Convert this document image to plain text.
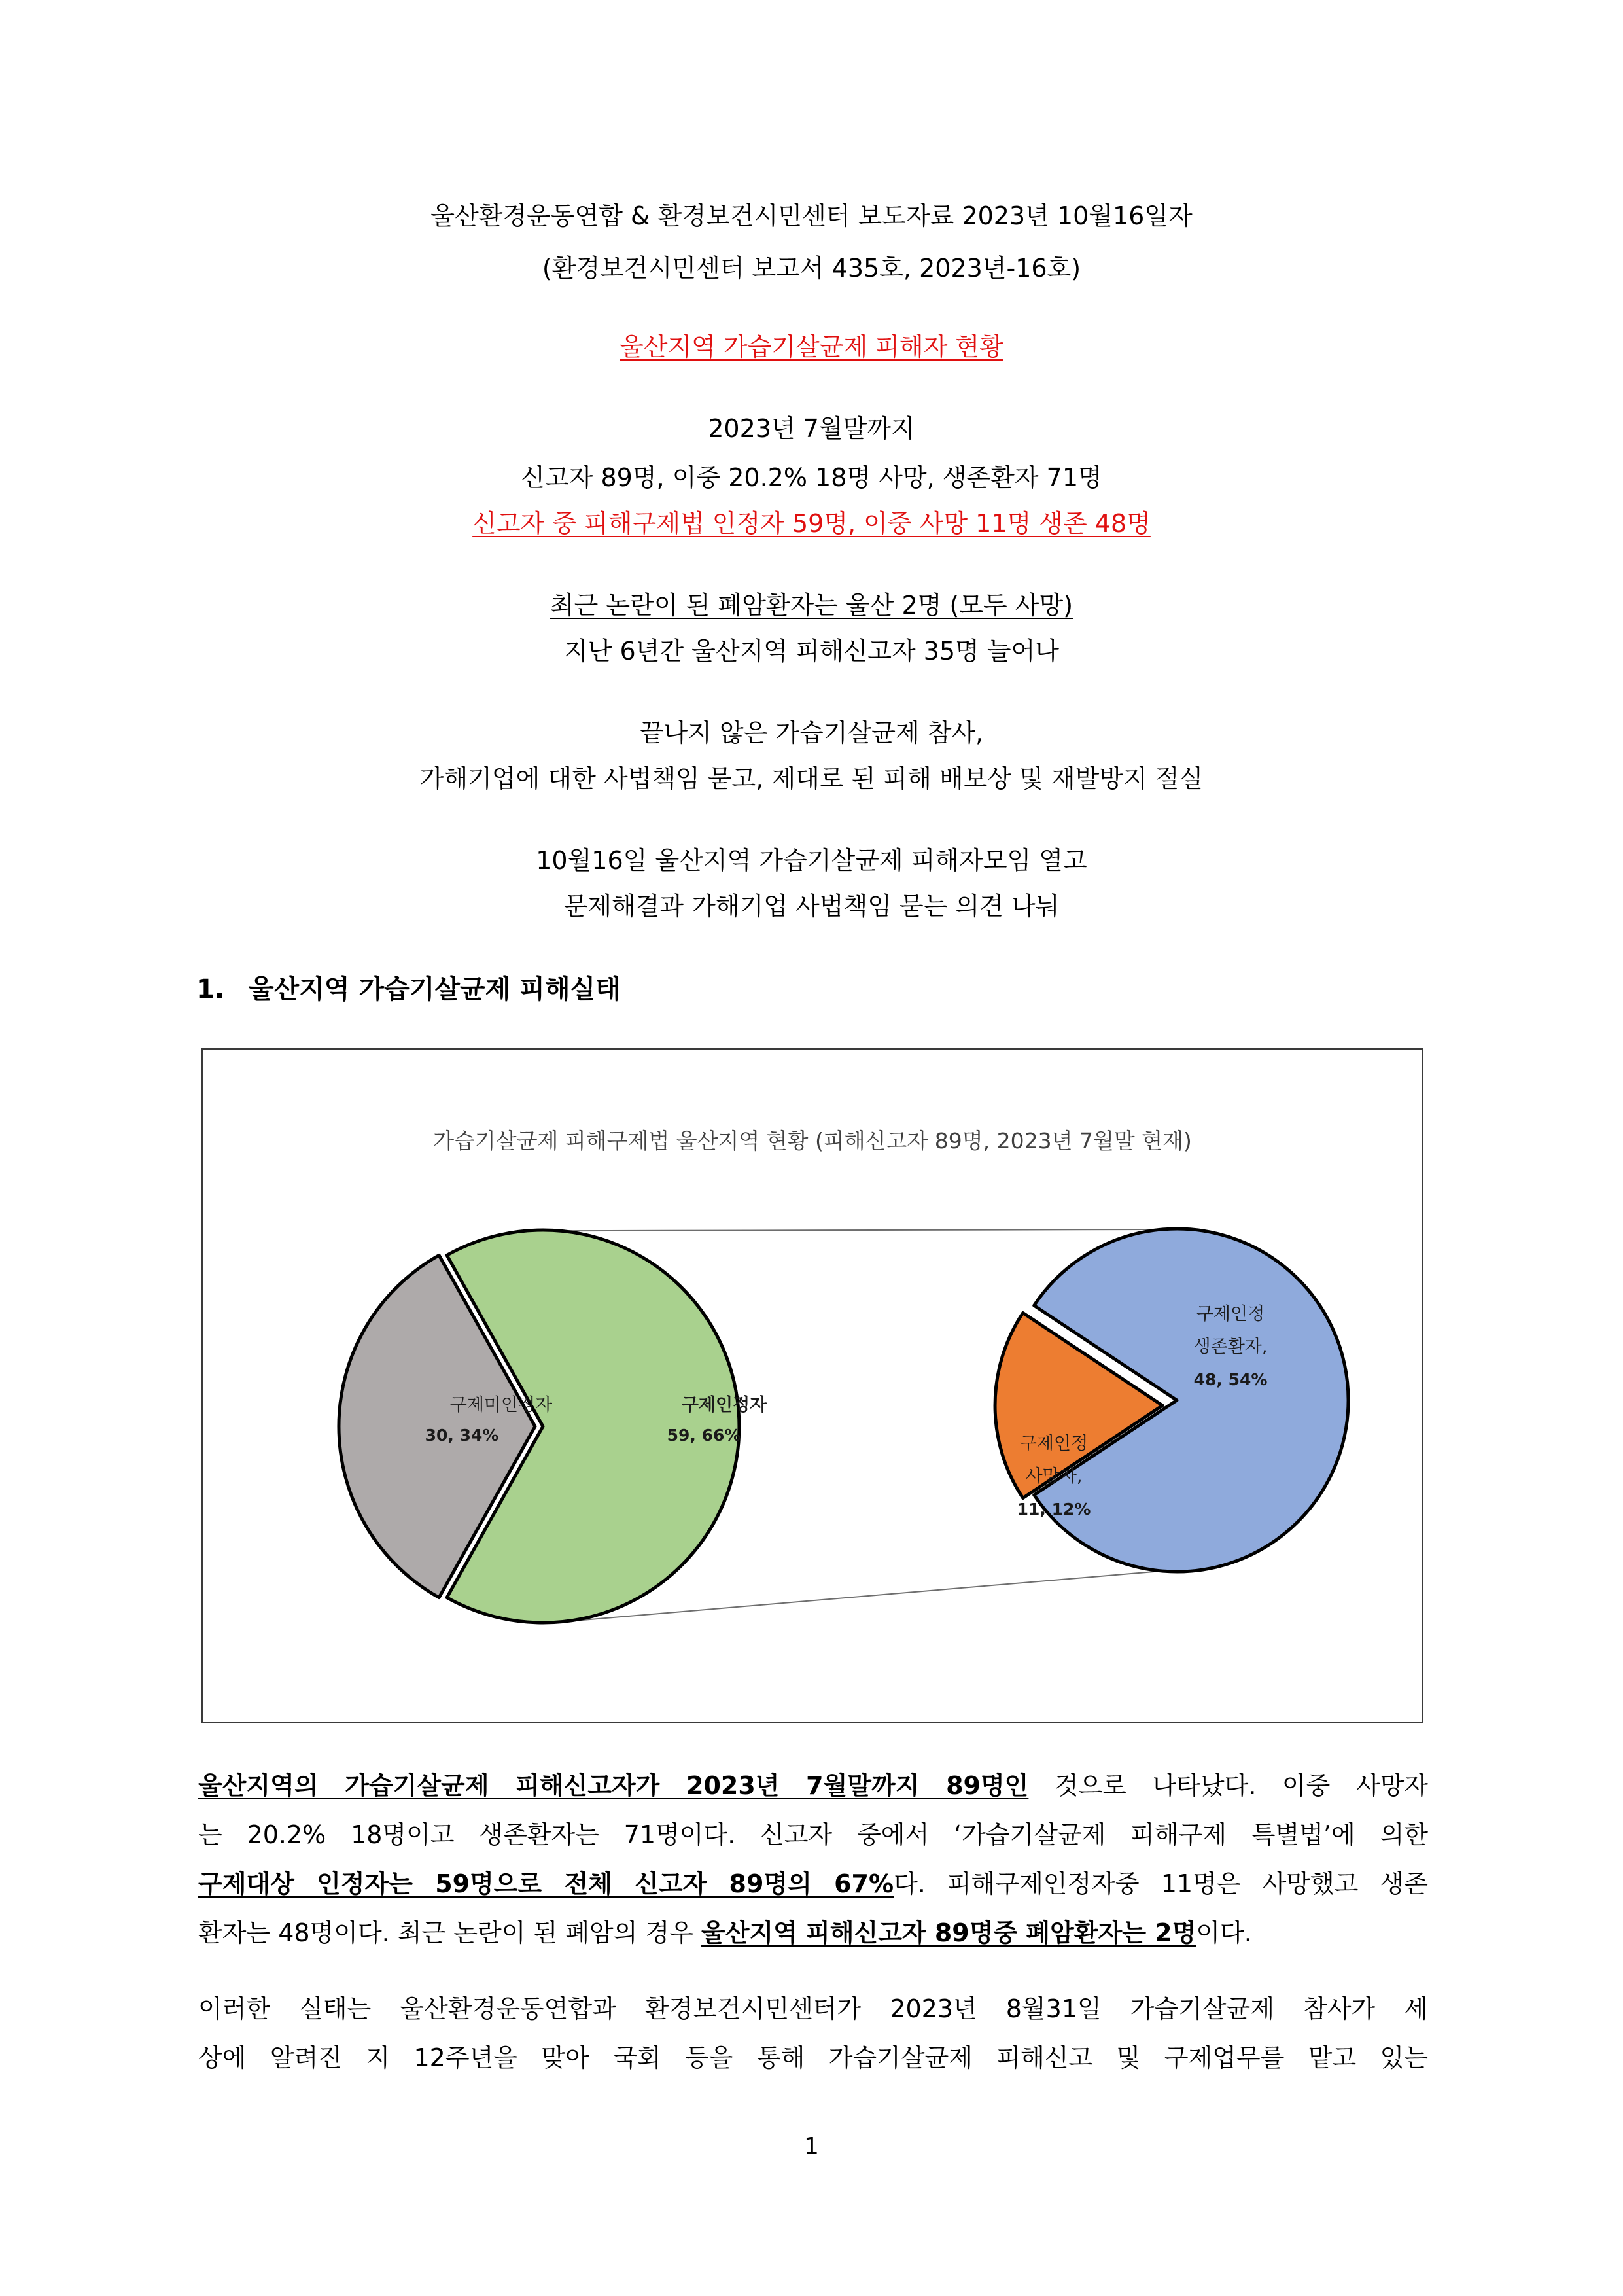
울산환경운동연합 & 환경보건시민센터 보도자료 2023년 10월16일자
(환경보건시민센터 보고서 435호, 2023년-16호)
울산지역 가습기살균제 피해자 현황
2023년 7월말까지
신고자 89명, 이중 20.2% 18명 사망, 생존환자 71명
신고자 중 피해구제법 인정자 59명, 이중 사망 11명 생존 48명
최근 논란이 된 폐암환자는 울산 2명 (모두 사망)
지난 6년간 울산지역 피해신고자 35명 늘어나
끝나지 않은 가습기살균제 참사,
가해기업에 대한 사법책임 묻고, 제대로 된 피해 배보상 및 재발방지 절실
10월16일 울산지역 가습기살균제 피해자모임 열고
문제해결과 가해기업 사법책임 묻는 의견 나눠
1. 울산지역 가습기살균제 피해실태
가습기살균제 피해구제법 울산지역 현황 (피해신고자 89명, 2023년 7월말 현재)
구제미인정자
30, 34%
구제인정자
59, 66%
구제인정
생존환자,
48, 54%
구제인정
사망자,
11, 12%
울산지역의 가습기살균제 피해신고자가 2023년 7월말까지 89명인 것으로 나타났다. 이중 사망자
는 20.2% 18명이고 생존환자는 71명이다. 신고자 중에서 ‘가습기살균제 피해구제 특별법’에 의한
구제대상 인정자는 59명으로 전체 신고자 89명의 67%다. 피해구제인정자중 11명은 사망했고 생존
환자는 48명이다. 최근 논란이 된 폐암의 경우 울산지역 피해신고자 89명중 폐암환자는 2명이다.
이러한 실태는 울산환경운동연합과 환경보건시민센터가 2023년 8월31일 가습기살균제 참사가 세
상에 알려진 지 12주년을 맞아 국회 등을 통해 가습기살균제 피해신고 및 구제업무를 맡고 있는
1
